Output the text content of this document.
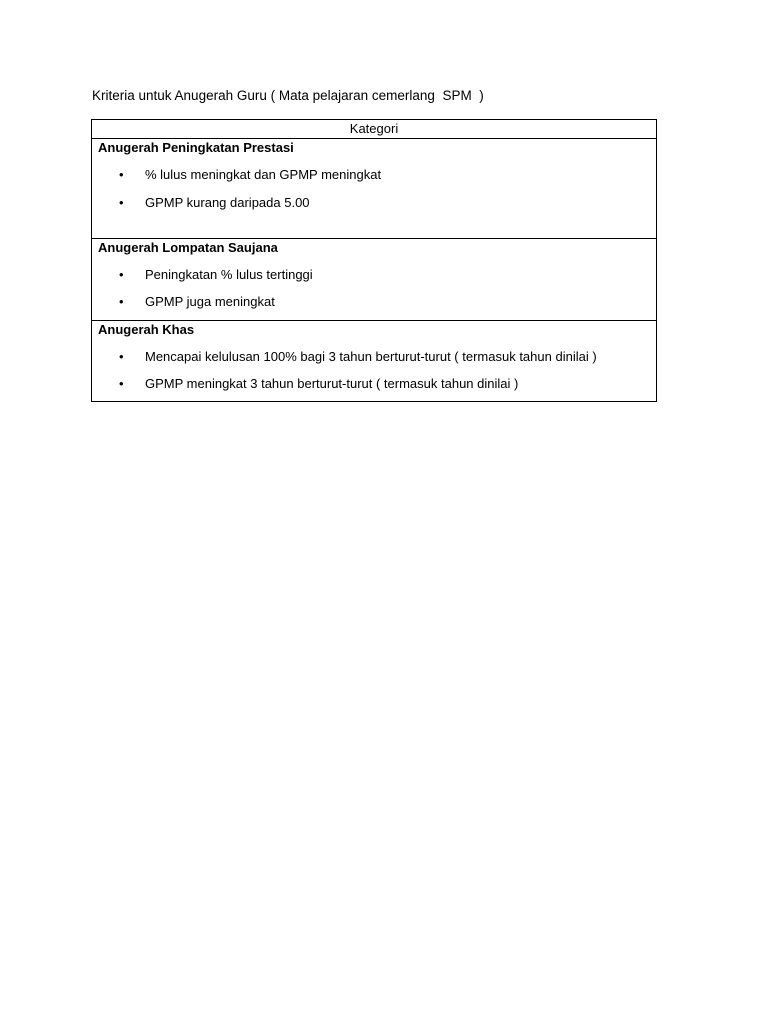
Kriteria untuk Anugerah Guru ( Mata pelajaran cemerlang  SPM  )
Kategori
Anugerah Peningkatan Prestasi
• % lulus meningkat dan GPMP meningkat
• GPMP kurang daripada 5.00
Anugerah Lompatan Saujana
• Peningkatan % lulus tertinggi
• GPMP juga meningkat
Anugerah Khas
• Mencapai kelulusan 100% bagi 3 tahun berturut-turut ( termasuk tahun dinilai )
• GPMP meningkat 3 tahun berturut-turut ( termasuk tahun dinilai )
